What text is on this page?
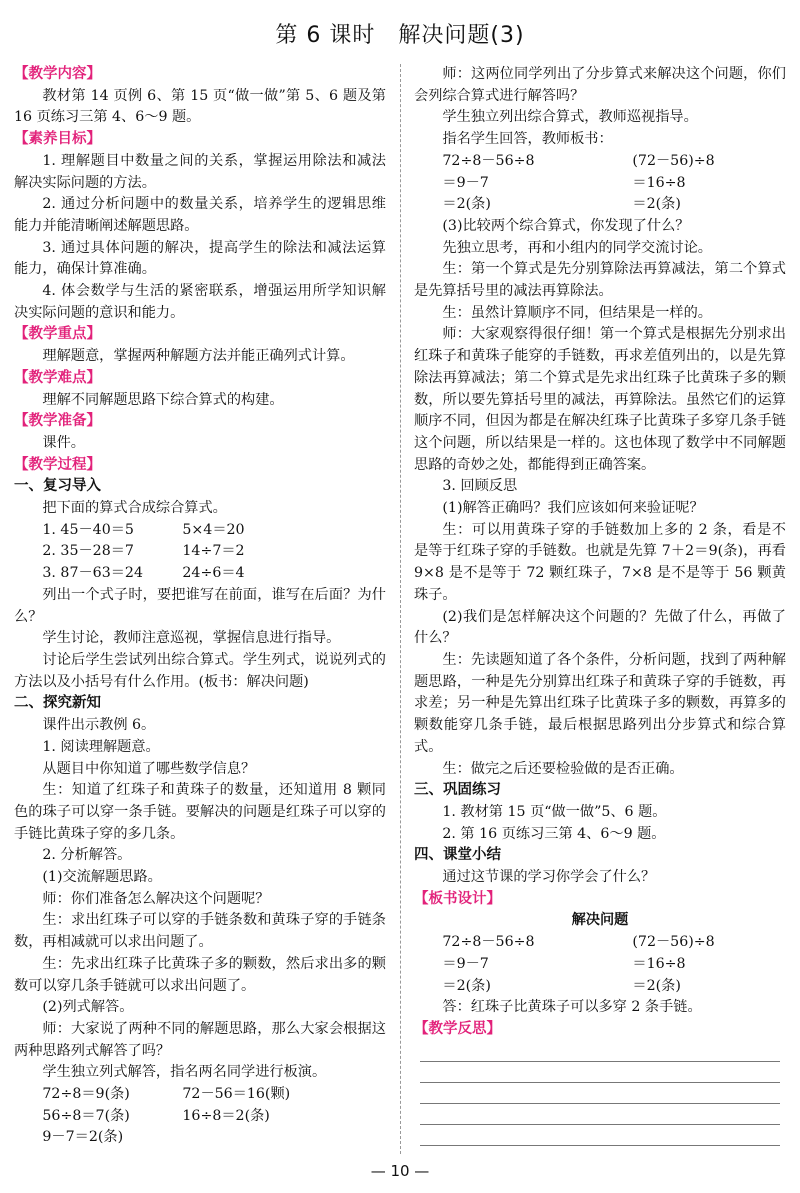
第 6 课时　解决问题(3)

【教学内容】

教材第 14 页例 6、第 15 页“做一做”第 5、6 题及第 16 页练习三第 4、6～9 题。

【素养目标】

1. 理解题目中数量之间的关系，掌握运用除法和减法解决实际问题的方法。

2. 通过分析问题中的数量关系，培养学生的逻辑思维能力并能清晰阐述解题思路。

3. 通过具体问题的解决，提高学生的除法和减法运算能力，确保计算准确。

4. 体会数学与生活的紧密联系，增强运用所学知识解决实际问题的意识和能力。

【教学重点】

理解题意，掌握两种解题方法并能正确列式计算。

【教学难点】

理解不同解题思路下综合算式的构建。

【教学准备】

课件。

【教学过程】

一、复习导入

把下面的算式合成综合算式。

1. 45－40＝5	5×4＝20
2. 35－28＝7	14÷7＝2
3. 87－63＝24	24÷6＝4

列出一个式子时，要把谁写在前面，谁写在后面？为什么？

学生讨论，教师注意巡视，掌握信息进行指导。

讨论后学生尝试列出综合算式。学生列式，说说列式的方法以及小括号有什么作用。(板书：解决问题)

二、探究新知

课件出示教例 6。

1. 阅读理解题意。

从题目中你知道了哪些数学信息？

生：知道了红珠子和黄珠子的数量，还知道用 8 颗同色的珠子可以穿一条手链。要解决的问题是红珠子可以穿的手链比黄珠子穿的多几条。

2. 分析解答。

(1)交流解题思路。

师：你们准备怎么解决这个问题呢？

生：求出红珠子可以穿的手链条数和黄珠子穿的手链条数，再相减就可以求出问题了。

生：先求出红珠子比黄珠子多的颗数，然后求出多的颗数可以穿几条手链就可以求出问题了。

(2)列式解答。

师：大家说了两种不同的解题思路，那么大家会根据这两种思路列式解答了吗？

学生独立列式解答，指名两名同学进行板演。

72÷8＝9(条)	72－56＝16(颗)
56÷8＝7(条)	16÷8＝2(条)
9－7＝2(条)

师：这两位同学列出了分步算式来解决这个问题，你们会列综合算式进行解答吗？

学生独立列出综合算式，教师巡视指导。

指名学生回答，教师板书：

72÷8－56÷8	(72－56)÷8
＝9－7	＝16÷8
＝2(条)	＝2(条)

(3)比较两个综合算式，你发现了什么？

先独立思考，再和小组内的同学交流讨论。

生：第一个算式是先分别算除法再算减法，第二个算式是先算括号里的减法再算除法。

生：虽然计算顺序不同，但结果是一样的。

师：大家观察得很仔细！第一个算式是根据先分别求出红珠子和黄珠子能穿的手链数，再求差值列出的，以是先算除法再算减法；第二个算式是先求出红珠子比黄珠子多的颗数，所以要先算括号里的减法，再算除法。虽然它们的运算顺序不同，但因为都是在解决红珠子比黄珠子多穿几条手链这个问题，所以结果是一样的。这也体现了数学中不同解题思路的奇妙之处，都能得到正确答案。

3. 回顾反思

(1)解答正确吗？我们应该如何来验证呢？

生：可以用黄珠子穿的手链数加上多的 2 条，看是不是等于红珠子穿的手链数。也就是先算 7＋2＝9(条)，再看 9×8 是不是等于 72 颗红珠子，7×8 是不是等于 56 颗黄珠子。

(2)我们是怎样解决这个问题的？先做了什么，再做了什么？

生：先读题知道了各个条件，分析问题，找到了两种解题思路，一种是先分别算出红珠子和黄珠子穿的手链数，再求差；另一种是先算出红珠子比黄珠子多的颗数，再算多的颗数能穿几条手链，最后根据思路列出分步算式和综合算式。

生：做完之后还要检验做的是否正确。

三、巩固练习

1. 教材第 15 页“做一做”5、6 题。

2. 第 16 页练习三第 4、6～9 题。

四、课堂小结

通过这节课的学习你学会了什么？

【板书设计】

解决问题

72÷8－56÷8	(72－56)÷8
＝9－7	＝16÷8
＝2(条)	＝2(条)

答：红珠子比黄珠子可以多穿 2 条手链。

【教学反思】

— 10 —
